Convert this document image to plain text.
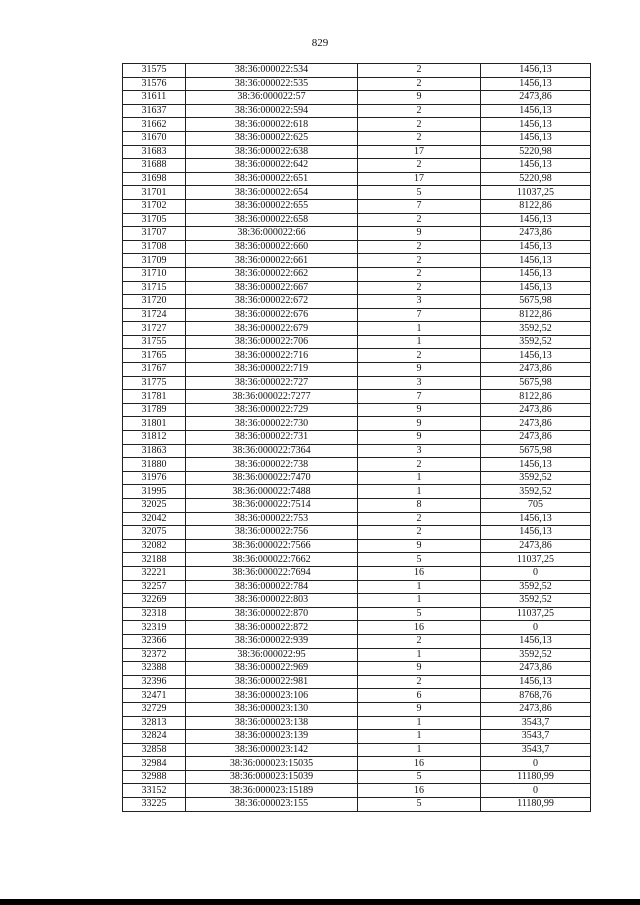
829
31575	38:36:000022:534	2	1456,13
31576	38:36:000022:535	2	1456,13
31611	38:36:000022:57	9	2473,86
31637	38:36:000022:594	2	1456,13
31662	38:36:000022:618	2	1456,13
31670	38:36:000022:625	2	1456,13
31683	38:36:000022:638	17	5220,98
31688	38:36:000022:642	2	1456,13
31698	38:36:000022:651	17	5220,98
31701	38:36:000022:654	5	11037,25
31702	38:36:000022:655	7	8122,86
31705	38:36:000022:658	2	1456,13
31707	38:36:000022:66	9	2473,86
31708	38:36:000022:660	2	1456,13
31709	38:36:000022:661	2	1456,13
31710	38:36:000022:662	2	1456,13
31715	38:36:000022:667	2	1456,13
31720	38:36:000022:672	3	5675,98
31724	38:36:000022:676	7	8122,86
31727	38:36:000022:679	1	3592,52
31755	38:36:000022:706	1	3592,52
31765	38:36:000022:716	2	1456,13
31767	38:36:000022:719	9	2473,86
31775	38:36:000022:727	3	5675,98
31781	38:36:000022:7277	7	8122,86
31789	38:36:000022:729	9	2473,86
31801	38:36:000022:730	9	2473,86
31812	38:36:000022:731	9	2473,86
31863	38:36:000022:7364	3	5675,98
31880	38:36:000022:738	2	1456,13
31976	38:36:000022:7470	1	3592,52
31995	38:36:000022:7488	1	3592,52
32025	38:36:000022:7514	8	705
32042	38:36:000022:753	2	1456,13
32075	38:36:000022:756	2	1456,13
32082	38:36:000022:7566	9	2473,86
32188	38:36:000022:7662	5	11037,25
32221	38:36:000022:7694	16	0
32257	38:36:000022:784	1	3592,52
32269	38:36:000022:803	1	3592,52
32318	38:36:000022:870	5	11037,25
32319	38:36:000022:872	16	0
32366	38:36:000022:939	2	1456,13
32372	38:36:000022:95	1	3592,52
32388	38:36:000022:969	9	2473,86
32396	38:36:000022:981	2	1456,13
32471	38:36:000023:106	6	8768,76
32729	38:36:000023:130	9	2473,86
32813	38:36:000023:138	1	3543,7
32824	38:36:000023:139	1	3543,7
32858	38:36:000023:142	1	3543,7
32984	38:36:000023:15035	16	0
32988	38:36:000023:15039	5	11180,99
33152	38:36:000023:15189	16	0
33225	38:36:000023:155	5	11180,99
